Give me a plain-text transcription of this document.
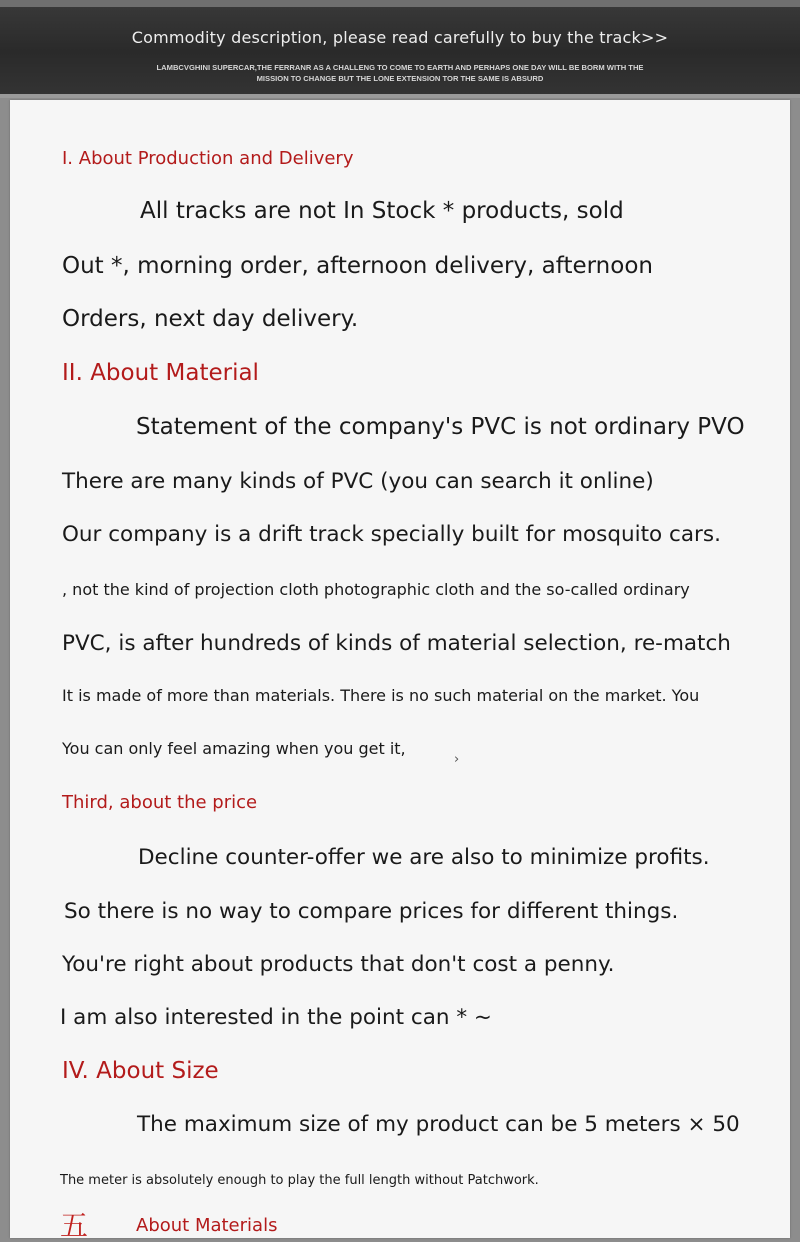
Commodity description, please read carefully to buy the track>>
LAMBCVGHINI SUPERCAR,THE FERRANR AS A CHALLENG TO COME TO EARTH AND PERHAPS ONE DAY WILL BE BORM WITH THE MISSION TO CHANGE BUT THE LONE EXTENSION TOR THE SAME IS ABSURD
I. About Production and Delivery
All tracks are not In Stock * products, sold
Out *, morning order, afternoon delivery, afternoon
Orders, next day delivery.
II. About Material
Statement of the company's PVC is not ordinary PVO
There are many kinds of PVC (you can search it online)
Our company is a drift track specially built for mosquito cars.
, not the kind of projection cloth photographic cloth and the so-called ordinary
PVC, is after hundreds of kinds of material selection, re-match
It is made of more than materials. There is no such material on the market. You
You can only feel amazing when you get it,
›
Third, about the price
Decline counter-offer we are also to minimize profits.
So there is no way to compare prices for different things.
You're right about products that don't cost a penny.
I am also interested in the point can * ~
IV. About Size
The maximum size of my product can be 5 meters × 50
The meter is absolutely enough to play the full length without Patchwork.
五	About Materials
